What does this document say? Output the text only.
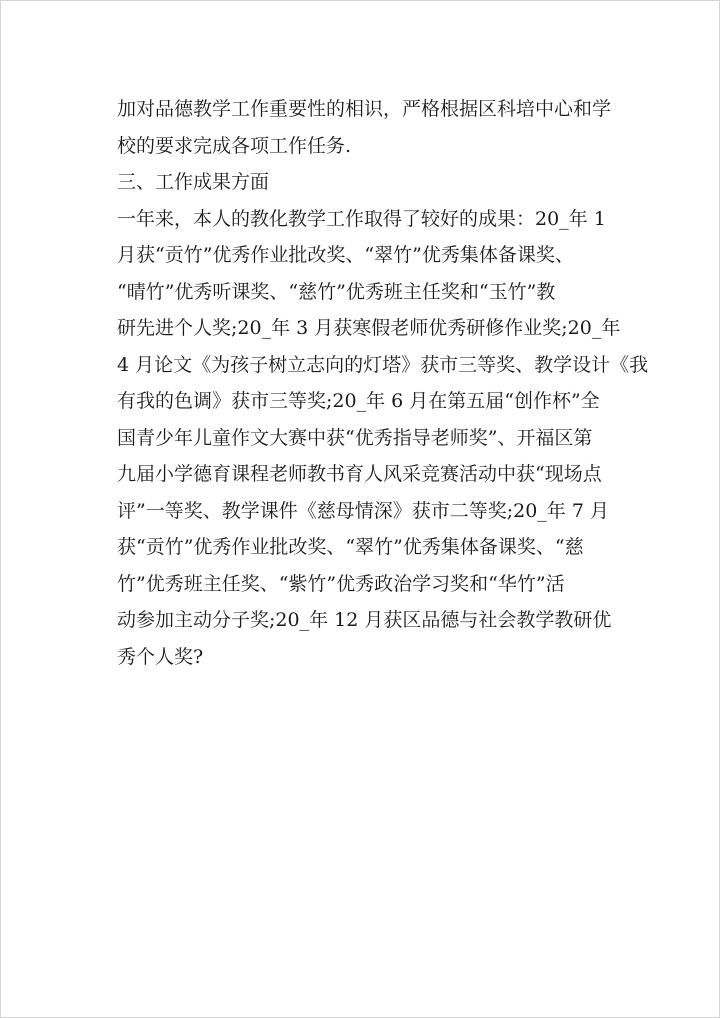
加对品德教学工作重要性的相识，严格根据区科培中心和学
校的要求完成各项工作任务.
三、工作成果方面
一年来，本人的教化教学工作取得了较好的成果：20_年 1
月获“贡竹”优秀作业批改奖、“翠竹”优秀集体备课奖、
“晴竹”优秀听课奖、“慈竹”优秀班主任奖和“玉竹”教
研先进个人奖;20_年 3 月获寒假老师优秀研修作业奖;20_年
4 月论文《为孩子树立志向的灯塔》获市三等奖、教学设计《我
有我的色调》获市三等奖;20_年 6 月在第五届“创作杯”全
国青少年儿童作文大赛中获“优秀指导老师奖”、开福区第
九届小学德育课程老师教书育人风采竞赛活动中获“现场点
评”一等奖、教学课件《慈母情深》获市二等奖;20_年 7 月
获“贡竹”优秀作业批改奖、“翠竹”优秀集体备课奖、“慈
竹”优秀班主任奖、“紫竹”优秀政治学习奖和“华竹”活
动参加主动分子奖;20_年 12 月获区品德与社会教学教研优
秀个人奖?
